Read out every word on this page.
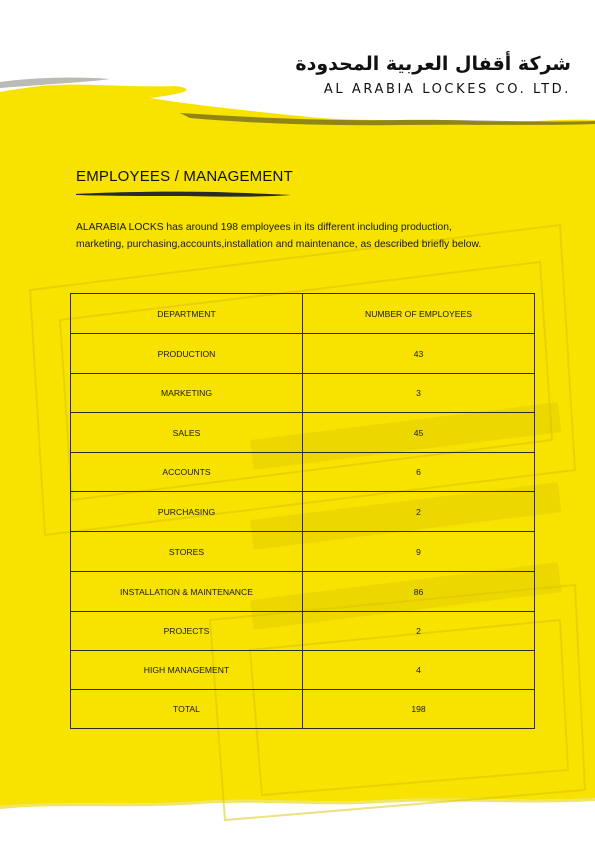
شركة أقفال العربية المحدودة
AL ARABIA LOCKES CO. LTD.
EMPLOYEES / MANAGEMENT
ALARABIA LOCKS has around 198 employees in its different including production, marketing, purchasing,accounts,installation and maintenance, as described briefly below.
DEPARTMENT	NUMBER OF EMPLOYEES
PRODUCTION	43
MARKETING	3
SALES	45
ACCOUNTS	6
PURCHASING	2
STORES	9
INSTALLATION & MAINTENANCE	86
PROJECTS	2
HIGH MANAGEMENT	4
TOTAL	198
